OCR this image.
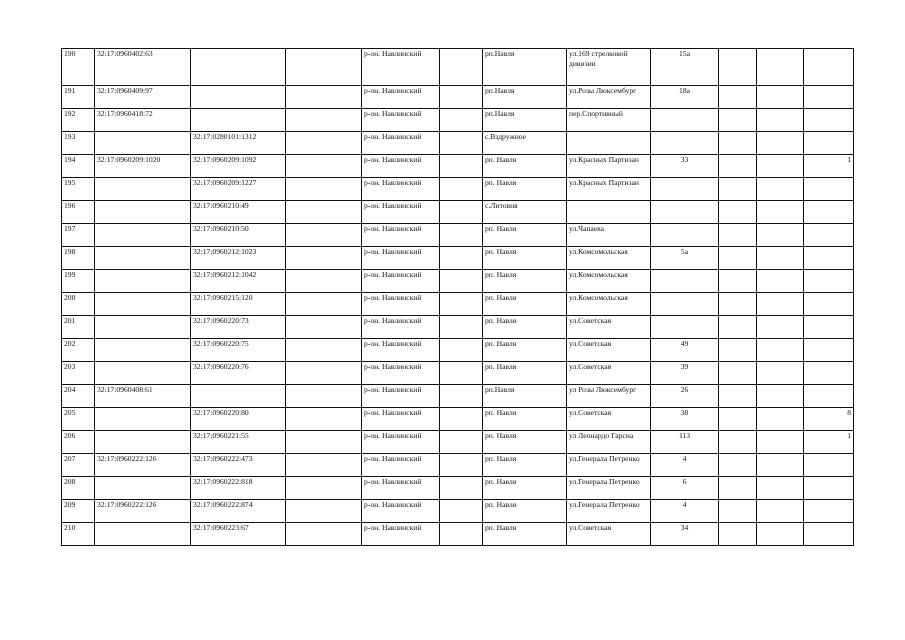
190	32:17:0960402:63			р-он. Навлинский		рп.Навля	ул.169 стрелковой дивизии	15а			
191	32:17:0960409:97			р-он. Навлинский		рп.Навля	ул.Розы Люксембург	18а			
192	32:17:0960418:72			р-он. Навлинский		рп.Навля	пер.Спортивный				
193		32:17:0280101:1312		р-он. Навлинский		с.Вздружное					
194	32:17:0960209:1020	32:17:0960209:1092		р-он. Навлинский		рп. Навля	ул.Красных Партизан	33			1
195		32:17:0960209:1227		р-он. Навлинский		рп. Навля	ул.Красных Партизан				
196		32:17:0960210:49		р-он. Навлинский		с.Литовня					
197		32:17:0960210:50		р-он. Навлинский		рп. Навля	ул.Чапаева				
198		32:17:0960212:1023		р-он. Навлинский		рп. Навля	ул.Комсомольская	5а			
199		32:17:0960212:1042		р-он. Навлинский		рп. Навля	ул.Комсомольская				
200		32:17:0960215:120		р-он. Навлинский		рп. Навля	ул.Комсомольская				
201		32:17:0960220:73		р-он. Навлинский		рп. Навля	ул.Советская				
202		32:17:0960220:75		р-он. Навлинский		рп. Навля	ул.Советская	49			
203		32:17:0960220:76		р-он. Навлинский		рп. Навля	ул.Советская	39			
204	32:17:0960408:61			р-он. Навлинский		рп.Навля	ул Розы Люксембург	26			
205		32:17:0960220:80		р-он. Навлинский		рп. Навля	ул.Советская	38			8
206		32:17:0960221:55		р-он. Навлинский		рп. Навля	ул Леонардо Гарсиа	113			1
207	32:17:0960222:126	32:17:0960222:473		р-он. Навлинский		рп. Навля	ул.Генерала Петренко	4			
208		32:17:0960222:818		р-он. Навлинский		рп. Навля	ул.Генерала Петренко	6			
209	32:17:0960222:126	32:17:0960222:874		р-он. Навлинский		рп. Навля	ул.Генерала Петренко	4			
210		32:17:0960223:67		р-он. Навлинский		рп. Навля	ул.Советская	34			
